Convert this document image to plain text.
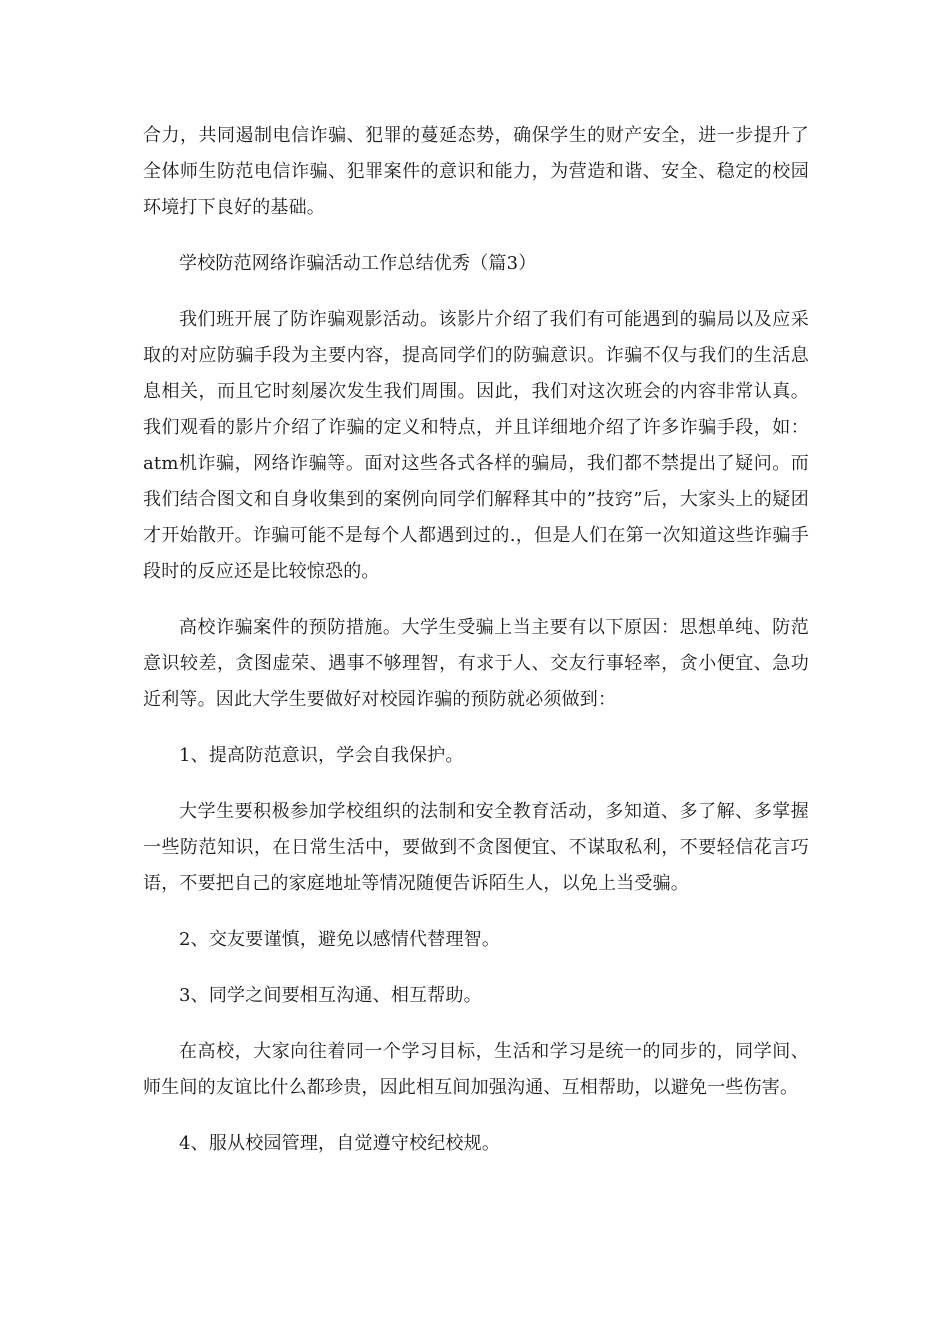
合力，共同遏制电信诈骗、犯罪的蔓延态势，确保学生的财产安全，进一步提升了全体师生防范电信诈骗、犯罪案件的意识和能力，为营造和谐、安全、稳定的校园环境打下良好的基础。

学校防范网络诈骗活动工作总结优秀（篇3）

我们班开展了防诈骗观影活动。该影片介绍了我们有可能遇到的骗局以及应采取的对应防骗手段为主要内容，提高同学们的防骗意识。诈骗不仅与我们的生活息息相关，而且它时刻屡次发生我们周围。因此，我们对这次班会的内容非常认真。我们观看的影片介绍了诈骗的定义和特点，并且详细地介绍了许多诈骗手段，如：atm机诈骗，网络诈骗等。面对这些各式各样的骗局，我们都不禁提出了疑问。而我们结合图文和自身收集到的案例向同学们解释其中的”技窍”后，大家头上的疑团才开始散开。诈骗可能不是每个人都遇到过的.，但是人们在第一次知道这些诈骗手段时的反应还是比较惊恐的。

高校诈骗案件的预防措施。大学生受骗上当主要有以下原因：思想单纯、防范意识较差，贪图虚荣、遇事不够理智，有求于人、交友行事轻率，贪小便宜、急功近利等。因此大学生要做好对校园诈骗的预防就必须做到：

1、提高防范意识，学会自我保护。

大学生要积极参加学校组织的法制和安全教育活动，多知道、多了解、多掌握一些防范知识，在日常生活中，要做到不贪图便宜、不谋取私利，不要轻信花言巧语，不要把自己的家庭地址等情况随便告诉陌生人，以免上当受骗。

2、交友要谨慎，避免以感情代替理智。

3、同学之间要相互沟通、相互帮助。

在高校，大家向往着同一个学习目标，生活和学习是统一的同步的，同学间、师生间的友谊比什么都珍贵，因此相互间加强沟通、互相帮助，以避免一些伤害。

4、服从校园管理，自觉遵守校纪校规。
